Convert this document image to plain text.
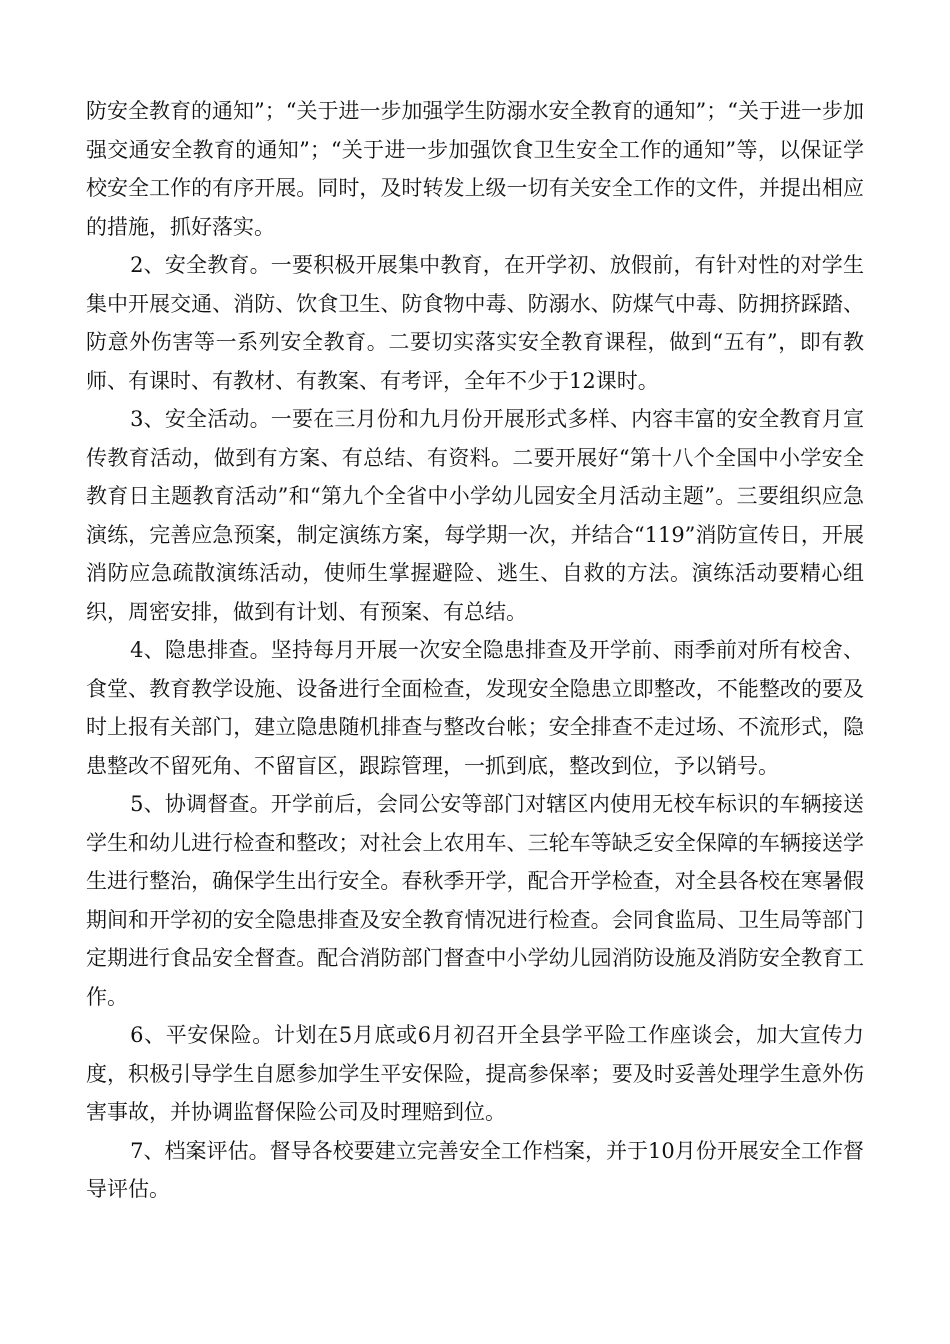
防安全教育的通知”；“关于进一步加强学生防溺水安全教育的通知”；“关于进一步加强交通安全教育的通知”；“关于进一步加强饮食卫生安全工作的通知”等，以保证学校安全工作的有序开展。同时，及时转发上级一切有关安全工作的文件，并提出相应的措施，抓好落实。

2、安全教育。一要积极开展集中教育，在开学初、放假前，有针对性的对学生集中开展交通、消防、饮食卫生、防食物中毒、防溺水、防煤气中毒、防拥挤踩踏、防意外伤害等一系列安全教育。二要切实落实安全教育课程，做到“五有”，即有教师、有课时、有教材、有教案、有考评，全年不少于12课时。

3、安全活动。一要在三月份和九月份开展形式多样、内容丰富的安全教育月宣传教育活动，做到有方案、有总结、有资料。二要开展好“第十八个全国中小学安全教育日主题教育活动”和“第九个全省中小学幼儿园安全月活动主题”。三要组织应急演练，完善应急预案，制定演练方案，每学期一次，并结合“119”消防宣传日，开展消防应急疏散演练活动，使师生掌握避险、逃生、自救的方法。演练活动要精心组织，周密安排，做到有计划、有预案、有总结。

4、隐患排查。坚持每月开展一次安全隐患排查及开学前、雨季前对所有校舍、食堂、教育教学设施、设备进行全面检查，发现安全隐患立即整改，不能整改的要及时上报有关部门，建立隐患随机排查与整改台帐；安全排查不走过场、不流形式，隐患整改不留死角、不留盲区，跟踪管理，一抓到底，整改到位，予以销号。

5、协调督查。开学前后，会同公安等部门对辖区内使用无校车标识的车辆接送学生和幼儿进行检查和整改；对社会上农用车、三轮车等缺乏安全保障的车辆接送学生进行整治，确保学生出行安全。春秋季开学，配合开学检查，对全县各校在寒暑假期间和开学初的安全隐患排查及安全教育情况进行检查。会同食监局、卫生局等部门定期进行食品安全督查。配合消防部门督查中小学幼儿园消防设施及消防安全教育工作。

6、平安保险。计划在5月底或6月初召开全县学平险工作座谈会，加大宣传力度，积极引导学生自愿参加学生平安保险，提高参保率；要及时妥善处理学生意外伤害事故，并协调监督保险公司及时理赔到位。

7、档案评估。督导各校要建立完善安全工作档案，并于10月份开展安全工作督导评估。
